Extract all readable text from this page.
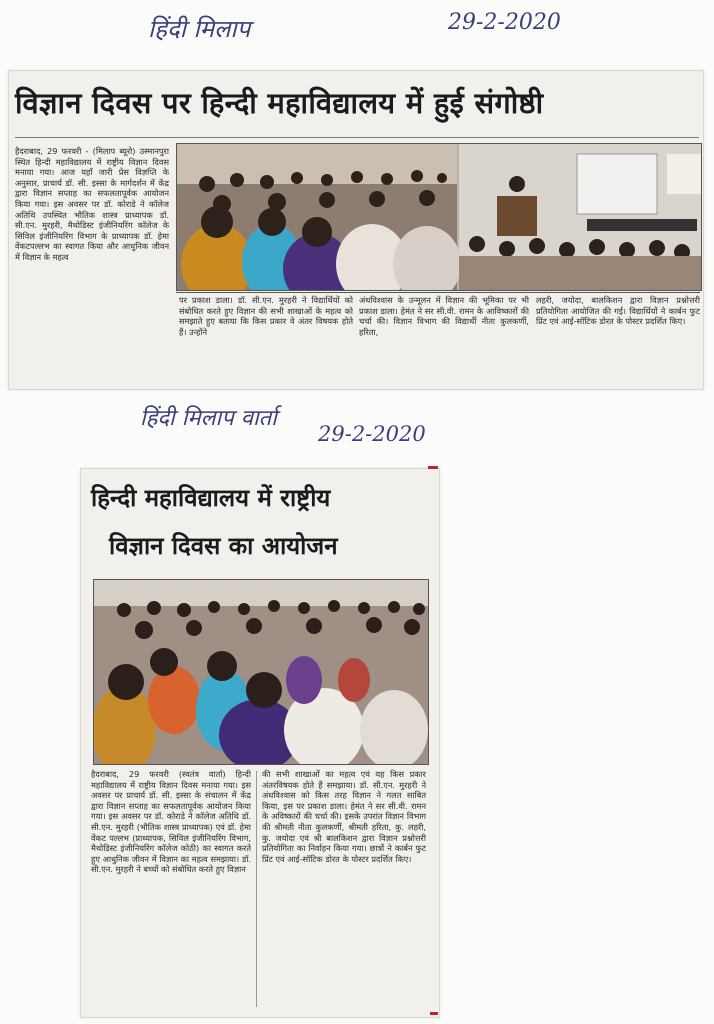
हिंदी मिलाप	29-2-2020
विज्ञान दिवस पर हिन्दी महाविद्यालय में हुई संगोष्ठी
हैदराबाद, 29 फरवरी - (मिलाप ब्यूरो) उस्मानपुरा स्थित हिन्दी महाविद्यालय में राष्ट्रीय विज्ञान दिवस मनाया गया। आज यहाँ जारी प्रेस विज्ञप्ति के अनुसार, प्राचार्य डॉ. सी. इस्सा के मार्गदर्शन में केंद्र द्वारा विज्ञान सप्ताह का सफलतापूर्वक आयोजन किया गया। इस अवसर पर डॉ. कोराडे ने कॉलेज अतिथि उपस्थित भौतिक शास्त्र प्राध्यापक डॉ. सी.एन. मुरहरी, मैथोडिस्ट इंजीनियरिंग कॉलेज के सिविल इंजीनियरिंग विभाग के प्राध्यापक डॉ. हेमा वेंकटपल्लभ का स्वागत किया और आधुनिक जीवन में विज्ञान के महत्व
पर प्रकाश डाला। डॉ. सी.एन. मुरहरी ने विद्यार्थियों को संबोधित करते हुए विज्ञान की सभी शाखाओं के महत्व को समझाते हुए बताया कि किस प्रकार वे अंतर विषयक होते हैं। उन्होंने
अंधविश्वास के उन्मूलन में विज्ञान की भूमिका पर भी प्रकाश डाला। हेमंत ने सर सी.वी. रामन के आविष्कारों की चर्चा की। विज्ञान विभाग की विद्यार्थी नीता कुलकर्णी, हरिता,
लहरी, जयोदा, बालकिशन द्वारा विज्ञान प्रश्नोत्तरी प्रतियोगिता आयोजित की गई। विद्यार्थियों ने कार्बन फुट प्रिंट एवं आई-सॉटिक डोरत के पोस्टर प्रदर्शित किए।
हिंदी मिलाप वार्ता
29-2-2020
हिन्दी महाविद्यालय में राष्ट्रीय
विज्ञान दिवस का आयोजन
हैदराबाद, 29 फरवरी (स्वतंत्र वार्ता) हिन्दी महाविद्यालय में राष्ट्रीय विज्ञान दिवस मनाया गया। इस अवसर पर प्राचार्य डॉ. सी. इस्सा के संचालन में केंद्र द्वारा विज्ञान सप्ताह का सफलतापूर्वक आयोजन किया गया। इस अवसर पर डॉ. कोराडे ने कॉलेज अतिथि डॉ. सी.एन. मुरहरी (भौतिक शास्त्र प्राध्यापक) एवं डॉ. हेमा वेंकट पल्लभ (प्राध्यापक, सिविल इंजीनियरिंग विभाग, मैथोडिस्ट इंजीनियरिंग कॉलेज कोठी) का स्वागत करते हुए आधुनिक जीवन में विज्ञान का महत्व समझाया। डॉ. सी.एन. मुरहरी ने बच्चों को संबोधित करते हुए विज्ञान
की सभी शाखाओं का महत्व एवं यह किस प्रकार अंतरविषयक होते हैं समझाया। डॉ. सी.एन. मुरहरी ने अंधविश्वास को किस तरह विज्ञान ने गलत साबित किया, इस पर प्रकाश डाला। हेमंत ने सर सी.वी. रामन के अविष्कारों की चर्चा की। इसके उपरांत विज्ञान विभाग की श्रीमती नीता कुलकर्णी, श्रीमती हरिता, कु. लहरी, कु. जयोदा एवं श्री बालकिशन द्वारा विज्ञान प्रश्नोत्तरी प्रतियोगिता का निर्वाहन किया गया। छात्रों ने कार्बन फुट प्रिंट एवं आई-सॉटिक डोरत के पोस्टर प्रदर्शित किए।
